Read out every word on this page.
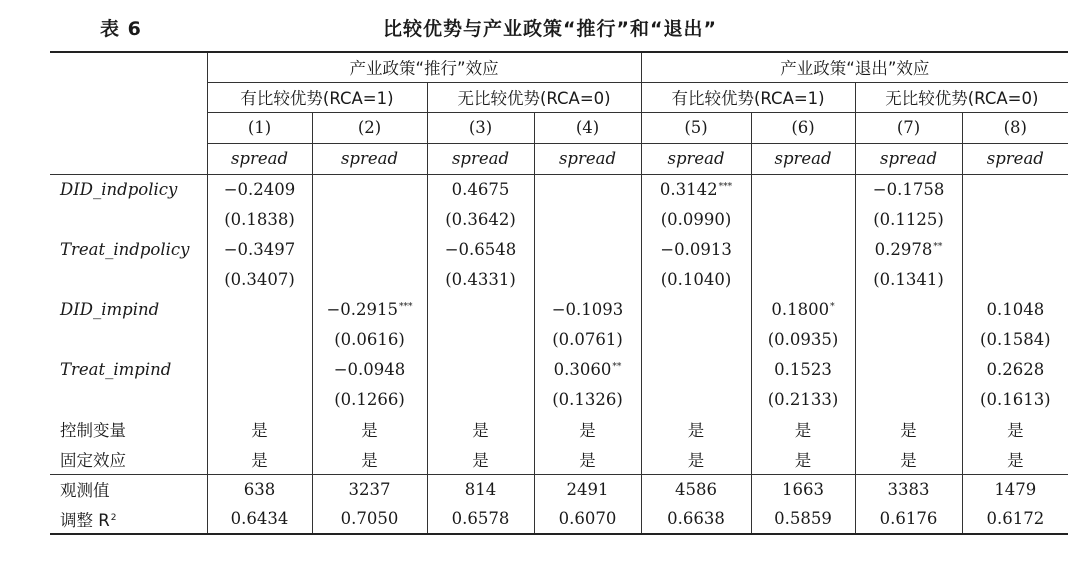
表 6	比较优势与产业政策“推行”和“退出”
	产业政策“推行”效应				产业政策“退出”效应			
	有比较优势(RCA=1)		无比较优势(RCA=0)		有比较优势(RCA=1)		无比较优势(RCA=0)	
	(1)	(2)	(3)	(4)	(5)	(6)	(7)	(8)
	spread	spread	spread	spread	spread	spread	spread	spread
DID_indpolicy	−0.2409		0.4675		0.3142***		−0.1758	
	(0.1838)		(0.3642)		(0.0990)		(0.1125)	
Treat_indpolicy	−0.3497		−0.6548		−0.0913		0.2978**	
	(0.3407)		(0.4331)		(0.1040)		(0.1341)	
DID_impind		−0.2915***		−0.1093		0.1800*		0.1048
		(0.0616)		(0.0761)		(0.0935)		(0.1584)
Treat_impind		−0.0948		0.3060**		0.1523		0.2628
		(0.1266)		(0.1326)		(0.2133)		(0.1613)
控制变量	是	是	是	是	是	是	是	是
固定效应	是	是	是	是	是	是	是	是
观测值	638	3237	814	2491	4586	1663	3383	1479
调整 $R^2$	0.6434	0.7050	0.6578	0.6070	0.6638	0.5859	0.6176	0.6172
